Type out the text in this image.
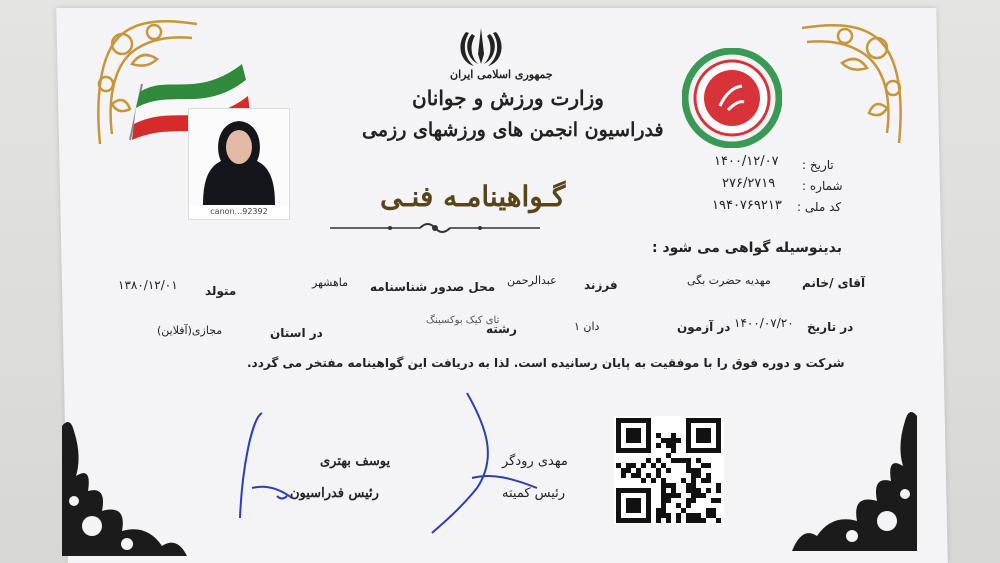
جمهوری اسلامی ایران
وزارت ورزش و جوانان
فدراسیون انجمن های ورزشهای رزمی
canon...92392	گـواهینامـه فنـی
تاریخ :
۱۴۰۰/۱۲/۰۷
شماره :
۲۷۶/۲۷۱۹
کد ملی :
۱۹۴۰۷۶۹۲۱۳
بدینوسیله گواهی می شود :
آقای /خانم
مهدیه حضرت بگی
فرزند
عبدالرحمن
محل صدور شناسنامه
ماهشهر
متولد
۱۳۸۰/۱۲/۰۱
در تاریخ
۱۴۰۰/۰۷/۲۰
در آزمون
دان ۱
رشته
تای کیک بوکسینگ
در استان
مجازی(آفلاین)
شرکت و دوره فوق را با موفقیت به پایان رسانیده است. لذا به دریافت این گواهینامه مفتخر می گردد.
یوسف بهتری
رئیس فدراسیون
مهدی رودگر
رئیس کمیته
